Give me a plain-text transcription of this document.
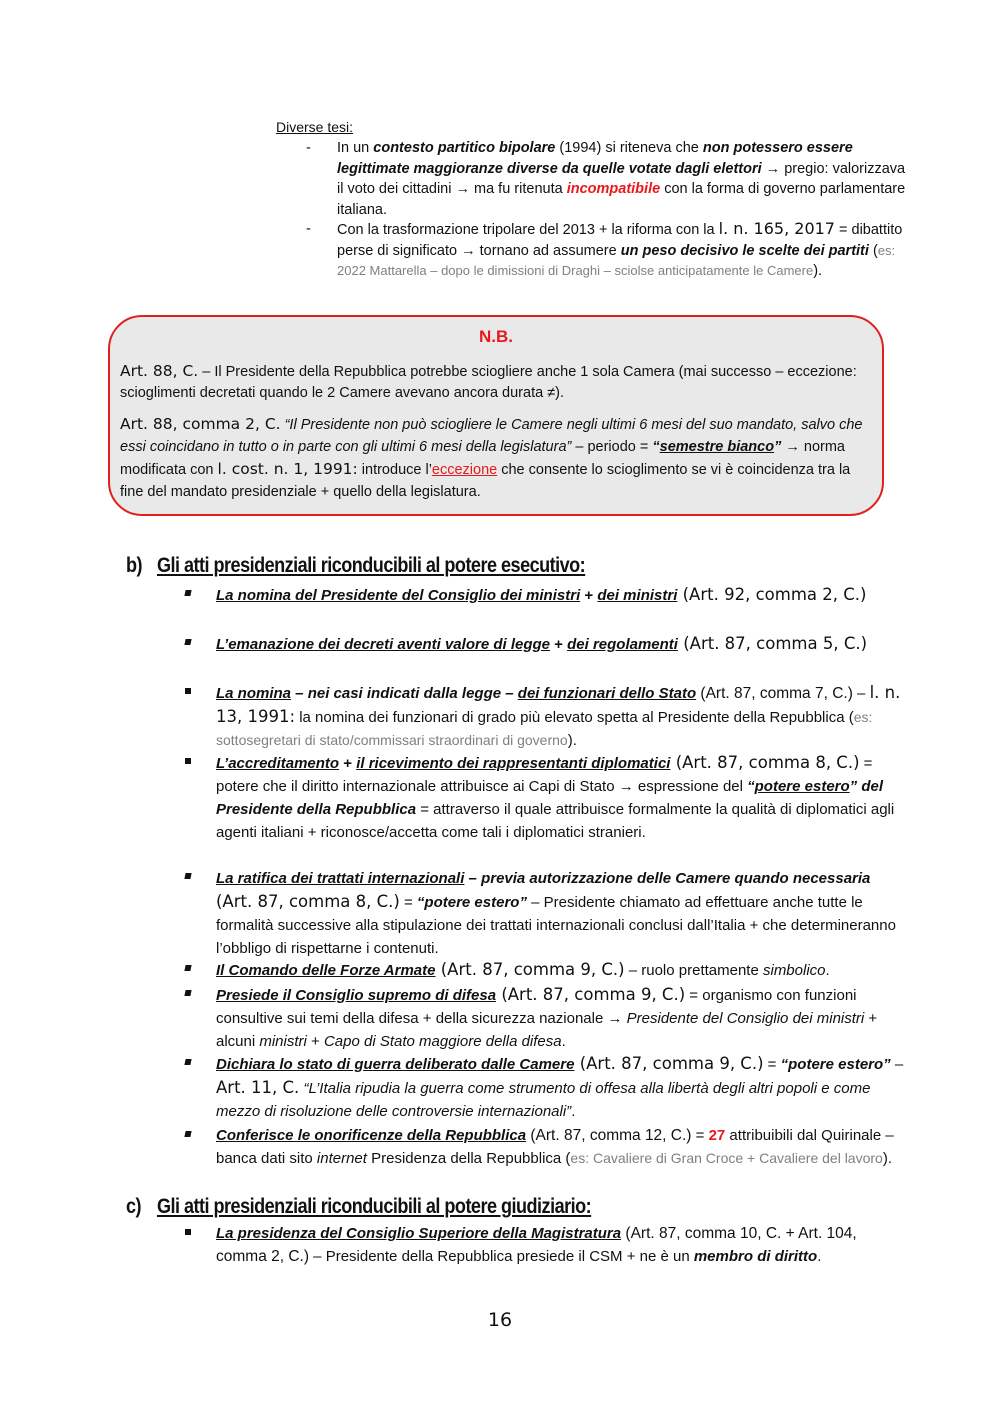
Diverse tesi:
- In un contesto partitico bipolare (1994) si riteneva che non potessero essere legittimate maggioranze diverse da quelle votate dagli elettori → pregio: valorizzava il voto dei cittadini → ma fu ritenuta incompatibile con la forma di governo parlamentare italiana.
- Con la trasformazione tripolare del 2013 + la riforma con la l. n. 165, 2017 = dibattito perse di significato → tornano ad assumere un peso decisivo le scelte dei partiti (es: 2022 Mattarella – dopo le dimissioni di Draghi – sciolse anticipatamente le Camere).
N.B.
Art. 88, C. – Il Presidente della Repubblica potrebbe sciogliere anche 1 sola Camera (mai successo – eccezione: scioglimenti decretati quando le 2 Camere avevano ancora durata ≠).
Art. 88, comma 2, C. “Il Presidente non può sciogliere le Camere negli ultimi 6 mesi del suo mandato, salvo che essi coincidano in tutto o in parte con gli ultimi 6 mesi della legislatura” – periodo = “semestre bianco” → norma modificata con l. cost. n. 1, 1991: introduce l’eccezione che consente lo scioglimento se vi è coincidenza tra la fine del mandato presidenziale + quello della legislatura.
b) Gli atti presidenziali riconducibili al potere esecutivo:
La nomina del Presidente del Consiglio dei ministri + dei ministri (Art. 92, comma 2, C.)
L’emanazione dei decreti aventi valore di legge + dei regolamenti (Art. 87, comma 5, C.)
La nomina – nei casi indicati dalla legge – dei funzionari dello Stato (Art. 87, comma 7, C.) – l. n. 13, 1991: la nomina dei funzionari di grado più elevato spetta al Presidente della Repubblica (es: sottosegretari di stato/commissari straordinari di governo).
L’accreditamento + il ricevimento dei rappresentanti diplomatici (Art. 87, comma 8, C.) = potere che il diritto internazionale attribuisce ai Capi di Stato → espressione del “potere estero” del Presidente della Repubblica = attraverso il quale attribuisce formalmente la qualità di diplomatici agli agenti italiani + riconosce/accetta come tali i diplomatici stranieri.
La ratifica dei trattati internazionali – previa autorizzazione delle Camere quando necessaria (Art. 87, comma 8, C.) = “potere estero” – Presidente chiamato ad effettuare anche tutte le formalità successive alla stipulazione dei trattati internazionali conclusi dall’Italia + che determineranno l’obbligo di rispettarne i contenuti.
Il Comando delle Forze Armate (Art. 87, comma 9, C.) – ruolo prettamente simbolico.
Presiede il Consiglio supremo di difesa (Art. 87, comma 9, C.) = organismo con funzioni consultive sui temi della difesa + della sicurezza nazionale → Presidente del Consiglio dei ministri + alcuni ministri + Capo di Stato maggiore della difesa.
Dichiara lo stato di guerra deliberato dalle Camere (Art. 87, comma 9, C.) = “potere estero” – Art. 11, C. “L’Italia ripudia la guerra come strumento di offesa alla libertà degli altri popoli e come mezzo di risoluzione delle controversie internazionali”.
Conferisce le onorificenze della Repubblica (Art. 87, comma 12, C.) = 27 attribuibili dal Quirinale – banca dati sito internet Presidenza della Repubblica (es: Cavaliere di Gran Croce + Cavaliere del lavoro).
c) Gli atti presidenziali riconducibili al potere giudiziario:
La presidenza del Consiglio Superiore della Magistratura (Art. 87, comma 10, C. + Art. 104, comma 2, C.) – Presidente della Repubblica presiede il CSM + ne è un membro di diritto.
16
